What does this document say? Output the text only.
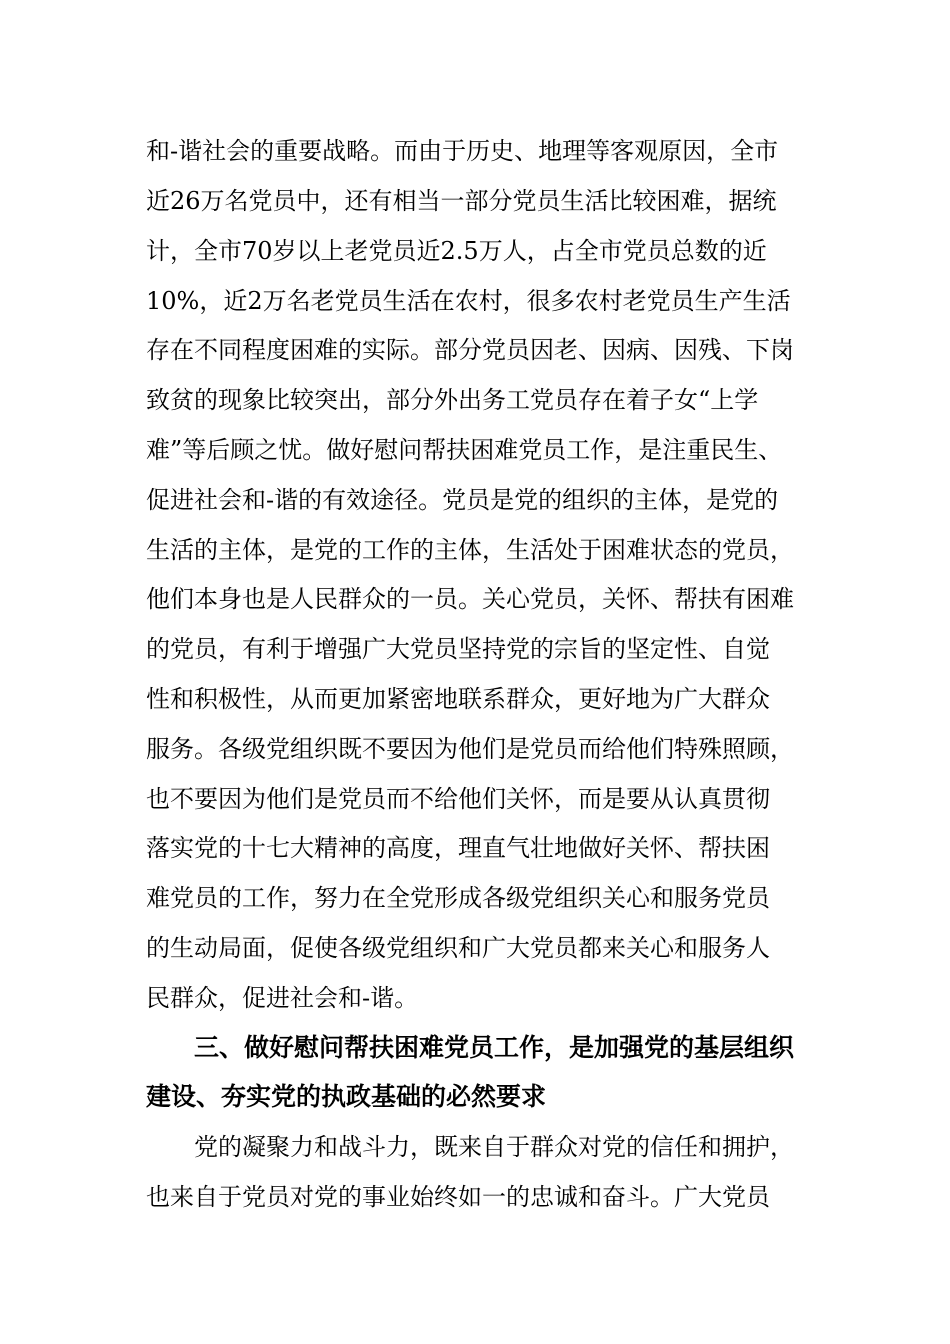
和-谐社会的重要战略。而由于历史、地理等客观原因，全市
近26万名党员中，还有相当一部分党员生活比较困难，据统
计，全市70岁以上老党员近2.5万人，占全市党员总数的近
10%，近2万名老党员生活在农村，很多农村老党员生产生活
存在不同程度困难的实际。部分党员因老、因病、因残、下岗
致贫的现象比较突出，部分外出务工党员存在着子女“上学
难”等后顾之忧。做好慰问帮扶困难党员工作，是注重民生、
促进社会和-谐的有效途径。党员是党的组织的主体，是党的
生活的主体，是党的工作的主体，生活处于困难状态的党员，
他们本身也是人民群众的一员。关心党员，关怀、帮扶有困难
的党员，有利于增强广大党员坚持党的宗旨的坚定性、自觉
性和积极性，从而更加紧密地联系群众，更好地为广大群众
服务。各级党组织既不要因为他们是党员而给他们特殊照顾，
也不要因为他们是党员而不给他们关怀，而是要从认真贯彻
落实党的十七大精神的高度，理直气壮地做好关怀、帮扶困
难党员的工作，努力在全党形成各级党组织关心和服务党员
的生动局面，促使各级党组织和广大党员都来关心和服务人
民群众，促进社会和-谐。
三、做好慰问帮扶困难党员工作，是加强党的基层组织
建设、夯实党的执政基础的必然要求
党的凝聚力和战斗力，既来自于群众对党的信任和拥护，
也来自于党员对党的事业始终如一的忠诚和奋斗。广大党员
